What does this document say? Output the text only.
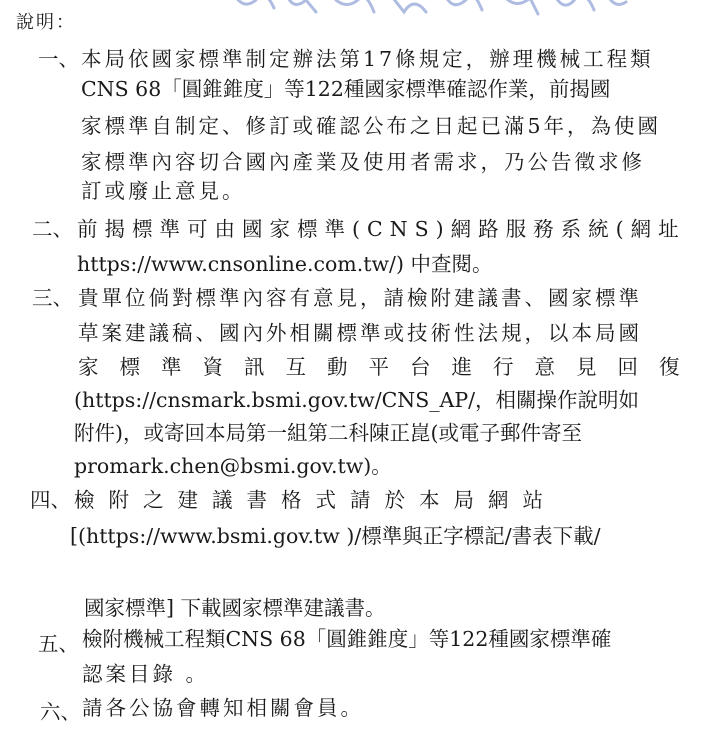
說明：
一、 本局依國家標準制定辦法第17條規定，辦理機械工程類
CNS 68「圓錐錐度」等122種國家標準確認作業，前揭國
家標準自制定、修訂或確認公布之日起已滿5年，為使國
家標準內容切合國內產業及使用者需求，乃公告徵求修
訂或廢止意見。
二、 前揭標準可由國家標準(CNS)網路服務系統(網址
https://www.cnsonline.com.tw/) 中查閱。
三、 貴單位倘對標準內容有意見，請檢附建議書、國家標準
草案建議稿、國內外相關標準或技術性法規，以本局國
家標準資訊互動平台進行意見回復
(https://cnsmark.bsmi.gov.tw/CNS_AP/，相關操作說明如
附件)，或寄回本局第一組第二科陳正崑(或電子郵件寄至
promark.chen@bsmi.gov.tw)。
四、 檢附之建議書格式請於本局網站
[(https://www.bsmi.gov.tw )/標準與正字標記/書表下載/
國家標準] 下載國家標準建議書。
五、 檢附機械工程類CNS 68「圓錐錐度」等122種國家標準確
認案目錄 。
六、 請各公協會轉知相關會員。
